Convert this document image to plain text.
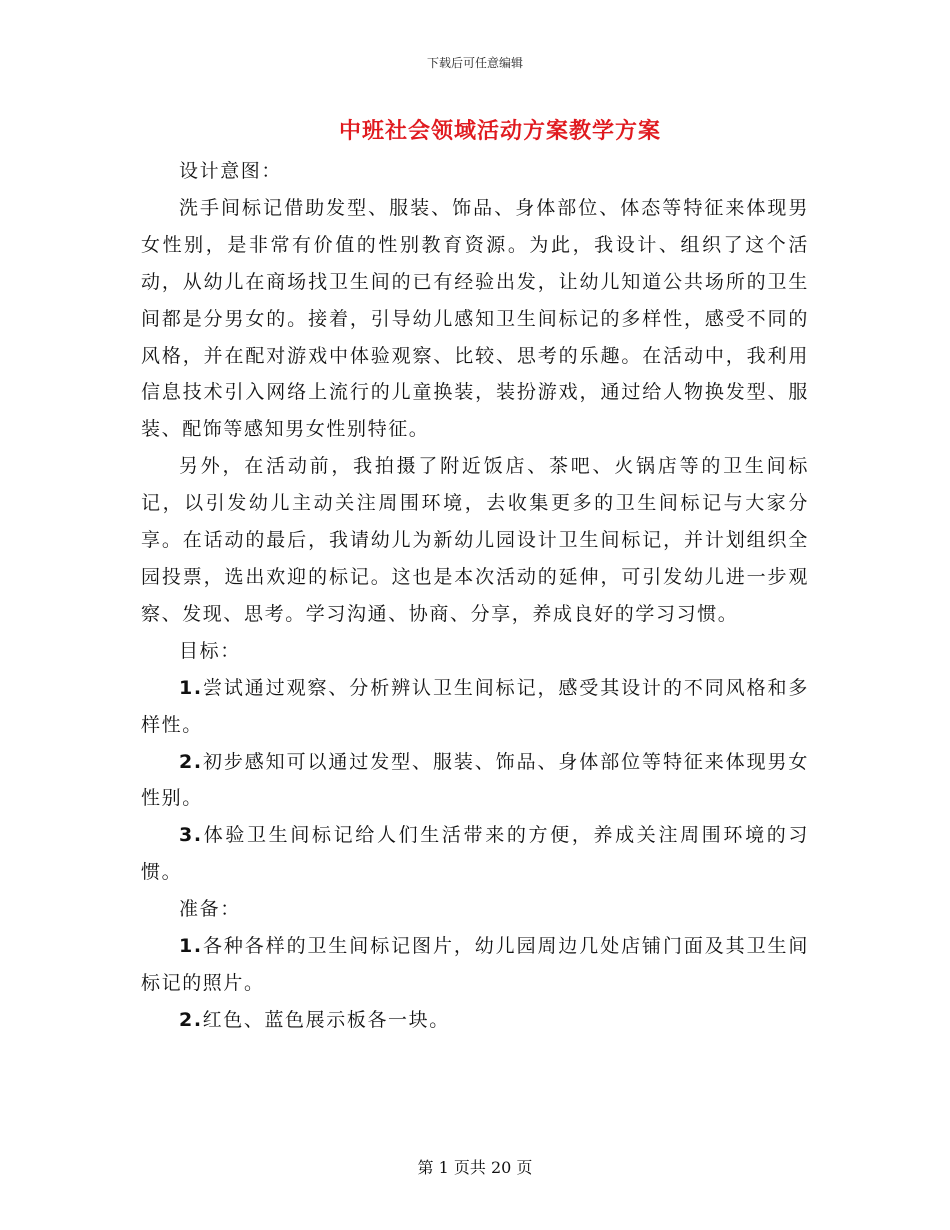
下载后可任意编辑
中班社会领域活动方案教学方案

设计意图：

洗手间标记借助发型、服装、饰品、身体部位、体态等特征来体现男女性别，是非常有价值的性别教育资源。为此，我设计、组织了这个活动，从幼儿在商场找卫生间的已有经验出发，让幼儿知道公共场所的卫生间都是分男女的。接着，引导幼儿感知卫生间标记的多样性，感受不同的风格，并在配对游戏中体验观察、比较、思考的乐趣。在活动中，我利用信息技术引入网络上流行的儿童换装，装扮游戏，通过给人物换发型、服装、配饰等感知男女性别特征。

另外，在活动前，我拍摄了附近饭店、茶吧、火锅店等的卫生间标记，以引发幼儿主动关注周围环境，去收集更多的卫生间标记与大家分享。在话动的最后，我请幼儿为新幼儿园设计卫生间标记，并计划组织全园投票，选出欢迎的标记。这也是本次活动的延伸，可引发幼儿进一步观察、发现、思考。学习沟通、协商、分享，养成良好的学习习惯。

目标：

1.尝试通过观察、分析辨认卫生间标记，感受其设计的不同风格和多样性。

2.初步感知可以通过发型、服装、饰品、身体部位等特征来体现男女性别。

3.体验卫生间标记给人们生活带来的方便，养成关注周围环境的习惯。

准备：

1.各种各样的卫生间标记图片，幼儿园周边几处店铺门面及其卫生间标记的照片。

2.红色、蓝色展示板各一块。

第 1 页共 20 页
